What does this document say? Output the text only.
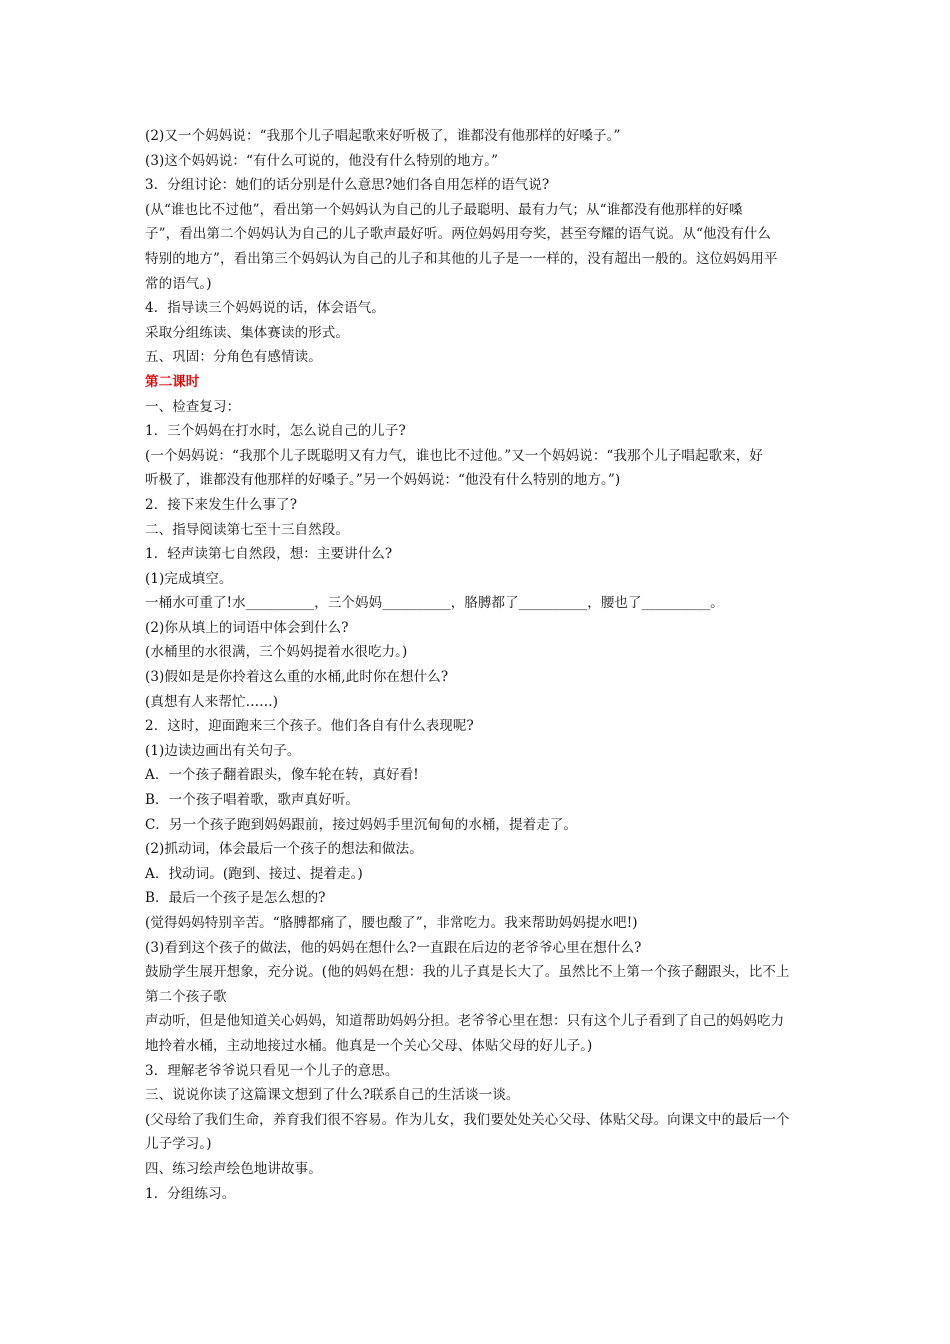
(2)又一个妈妈说：“我那个儿子唱起歌来好听极了，谁都没有他那样的好嗓子。”
(3)这个妈妈说：“有什么可说的，他没有什么特别的地方。”
3．分组讨论：她们的话分别是什么意思?她们各自用怎样的语气说?
(从“谁也比不过他”，看出第一个妈妈认为自己的儿子最聪明、最有力气；从“谁都没有他那样的好嗓
子”，看出第二个妈妈认为自己的儿子歌声最好听。两位妈妈用夸奖，甚至夸耀的语气说。从“他没有什么
特别的地方”，看出第三个妈妈认为自己的儿子和其他的儿子是一一样的，没有超出一般的。这位妈妈用平
常的语气。)
4．指导读三个妈妈说的话，体会语气。
采取分组练读、集体赛读的形式。
五、巩固：分角色有感情读。
第二课时
一、检查复习：
1．三个妈妈在打水时，怎么说自己的儿子?
(一个妈妈说：“我那个儿子既聪明又有力气，谁也比不过他。”又一个妈妈说：“我那个儿子唱起歌来，好
听极了，谁都没有他那样的好嗓子。”另一个妈妈说：“他没有什么特别的地方。”)
2．接下来发生什么事了?
二、指导阅读第七至十三自然段。
1．轻声读第七自然段，想：主要讲什么?
(1)完成填空。
一桶水可重了!水__________，三个妈妈__________，胳膊都了__________，腰也了__________。
(2)你从填上的词语中体会到什么?
(水桶里的水很满，三个妈妈提着水很吃力。)
(3)假如是是你拎着这么重的水桶,此时你在想什么?
(真想有人来帮忙……)
2．这时，迎面跑来三个孩子。他们各自有什么表现呢?
(1)边读边画出有关句子。
A．一个孩子翻着跟头，像车轮在转，真好看!
B．一个孩子唱着歌，歌声真好听。
C．另一个孩子跑到妈妈跟前，接过妈妈手里沉甸甸的水桶，提着走了。
(2)抓动词，体会最后一个孩子的想法和做法。
A．找动词。(跑到、接过、提着走。)
B．最后一个孩子是怎么想的?
(觉得妈妈特别辛苦。“胳膊都痛了，腰也酸了”，非常吃力。我来帮助妈妈提水吧!)
(3)看到这个孩子的做法，他的妈妈在想什么?一直跟在后边的老爷爷心里在想什么?
鼓励学生展开想象，充分说。(他的妈妈在想：我的儿子真是长大了。虽然比不上第一个孩子翻跟头，比不上
第二个孩子歌
声动听，但是他知道关心妈妈，知道帮助妈妈分担。老爷爷心里在想：只有这个儿子看到了自己的妈妈吃力
地拎着水桶，主动地接过水桶。他真是一个关心父母、体贴父母的好儿子。)
3．理解老爷爷说只看见一个儿子的意思。
三、说说你读了这篇课文想到了什么?联系自己的生活谈一谈。
(父母给了我们生命，养育我们很不容易。作为儿女，我们要处处关心父母、体贴父母。向课文中的最后一个
儿子学习。)
四、练习绘声绘色地讲故事。
1．分组练习。
